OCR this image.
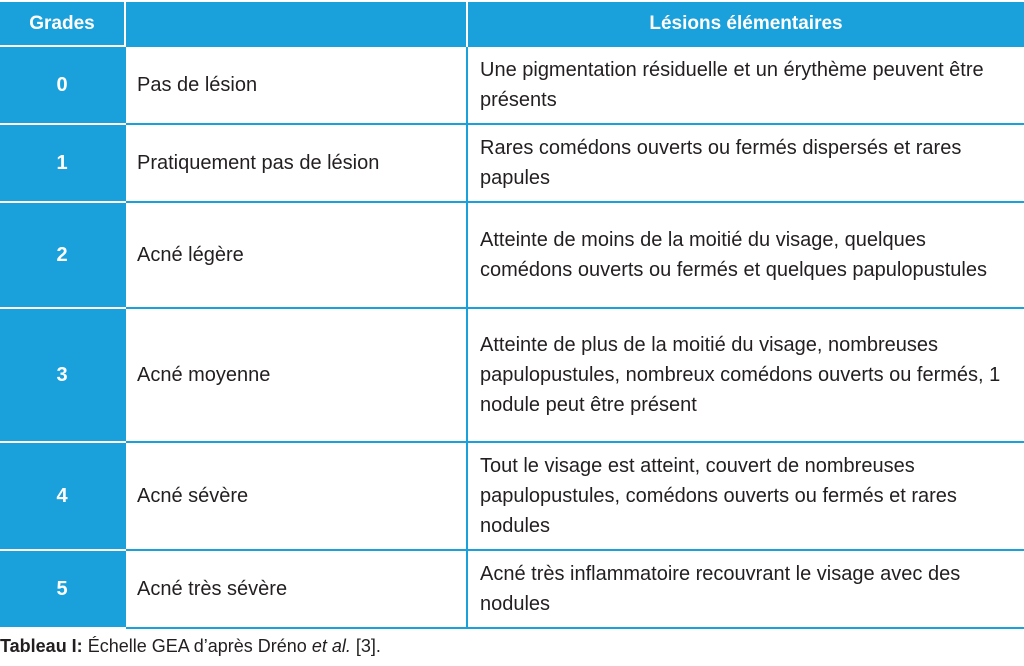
Grades		Lésions élémentaires
0	Pas de lésion	Une pigmentation résiduelle et un érythème peuvent être présents
1	Pratiquement pas de lésion	Rares comédons ouverts ou fermés dispersés et rares papules
2	Acné légère	Atteinte de moins de la moitié du visage, quelques comédons ouverts ou fermés et quelques papulopustules
3	Acné moyenne	Atteinte de plus de la moitié du visage, nombreuses papulopustules, nombreux comédons ouverts ou fermés, 1 nodule peut être présent
4	Acné sévère	Tout le visage est atteint, couvert de nombreuses papulopustules, comédons ouverts ou fermés et rares nodules
5	Acné très sévère	Acné très inflammatoire recouvrant le visage avec des nodules
Tableau I: Échelle GEA d’après Dréno et al. [3].
